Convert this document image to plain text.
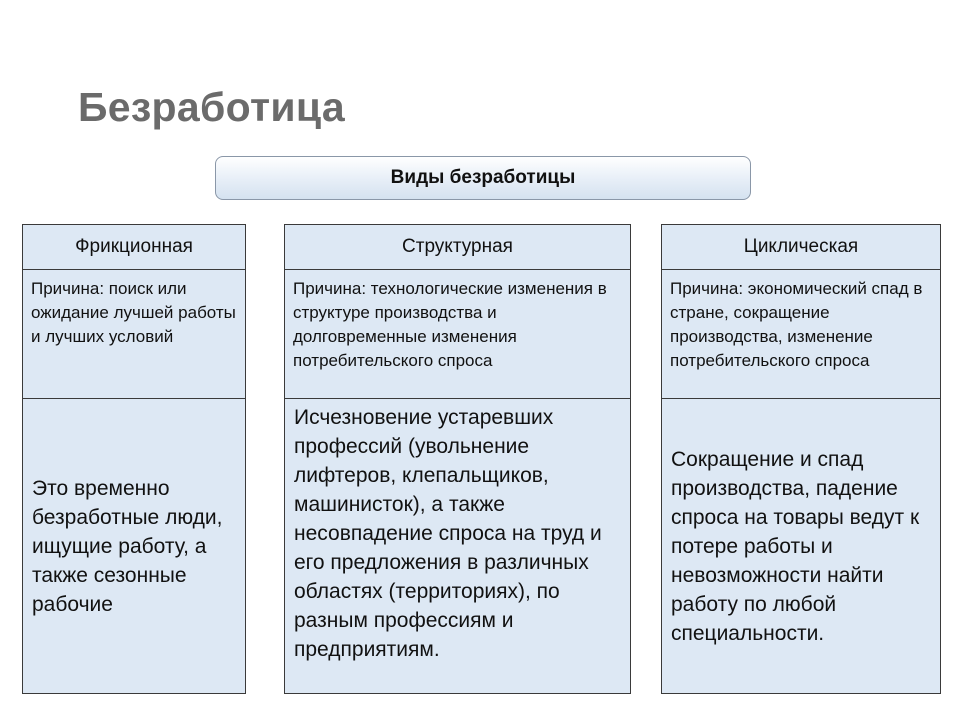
Безработица
Виды безработицы
Фрикционная
Причина: поиск или ожидание лучшей работы и лучших условий
Это временно безработные люди, ищущие работу, а также сезонные рабочие
Структурная
Причина: технологические изменения в структуре производства и долговременные изменения потребительского спроса
Исчезновение устаревших профессий (увольнение лифтеров, клепальщиков, машинисток), а также несовпадение спроса на труд и его предложения в различных областях (территориях), по разным профессиям и предприятиям.
Циклическая
Причина: экономический спад в стране, сокращение производства, изменение потребительского спроса
Сокращение и спад производства, падение спроса на товары ведут к потере работы и невозможности найти работу по любой специальности.
